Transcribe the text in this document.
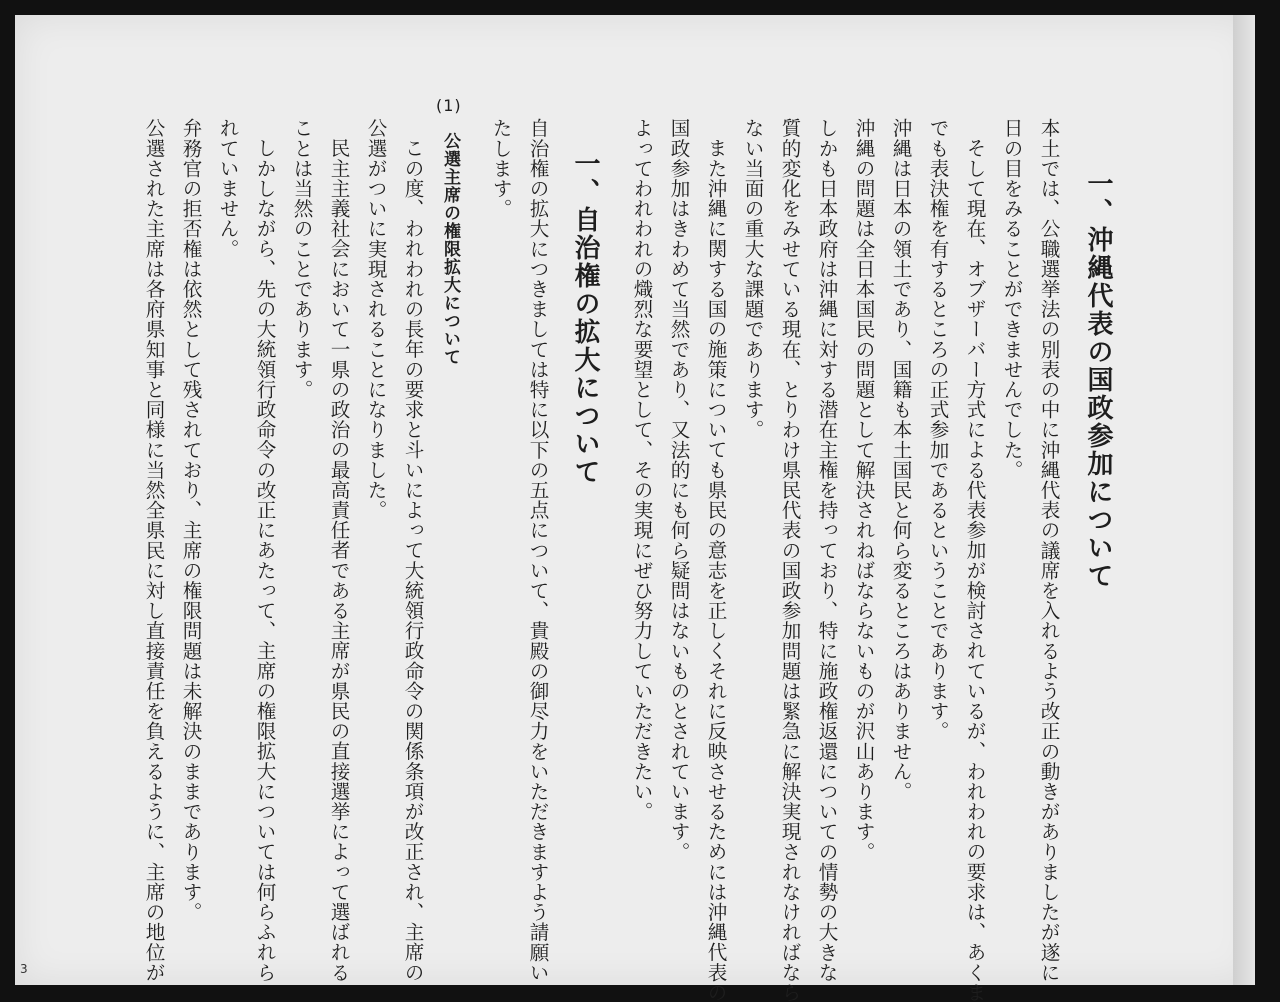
一、沖縄代表の国政参加について
本土では、公職選挙法の別表の中に沖縄代表の議席を入れるよう改正の動きがありましたが遂に
日の目をみることができませんでした。
そして現在、オブザーバー方式による代表参加が検討されているが、われわれの要求は、あくま
でも表決権を有するところの正式参加であるということであります。
沖縄は日本の領土であり、国籍も本土国民と何ら変るところはありません。
沖縄の問題は全日本国民の問題として解決されねばならないものが沢山あります。
しかも日本政府は沖縄に対する潜在主権を持っており、特に施政権返還についての情勢の大きな
質的変化をみせている現在、とりわけ県民代表の国政参加問題は緊急に解決実現されなければなら
ない当面の重大な課題であります。
また沖縄に関する国の施策についても県民の意志を正しくそれに反映させるためには沖縄代表の
国政参加はきわめて当然であり、又法的にも何ら疑問はないものとされています。
よってわれわれの熾烈な要望として、その実現にぜひ努力していただきたい。
一、自治権の拡大について
自治権の拡大につきましては特に以下の五点について、貴殿の御尽力をいただきますよう請願い
たします。
(1)
公選主席の権限拡大について
この度、われわれの長年の要求と斗いによって大統領行政命令の関係条項が改正され、主席の
公選がついに実現されることになりました。
民主主義社会において一県の政治の最高責任者である主席が県民の直接選挙によって選ばれる
ことは当然のことであります。
しかしながら、先の大統領行政命令の改正にあたって、主席の権限拡大については何らふれら
れていません。
弁務官の拒否権は依然として残されており、主席の権限問題は未解決のままであります。
公選された主席は各府県知事と同様に当然全県民に対し直接責任を負えるように、主席の地位が
3
